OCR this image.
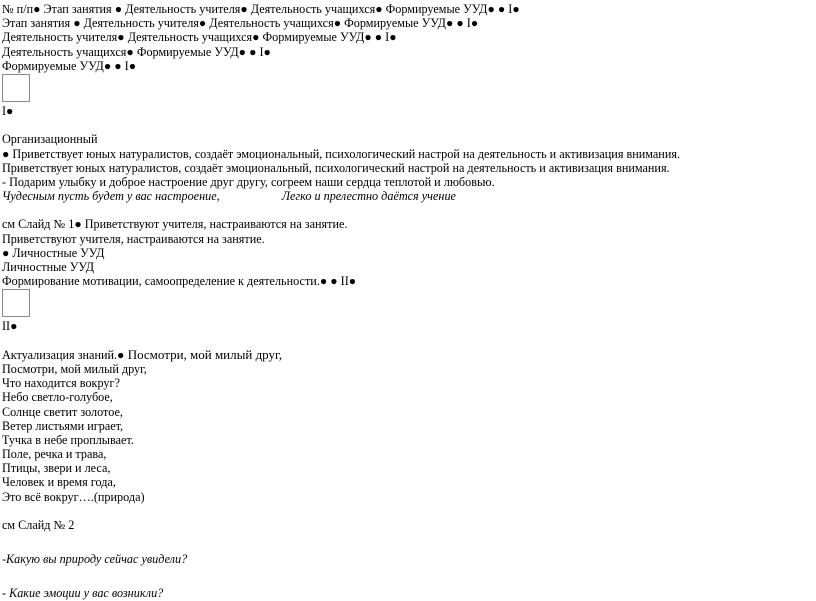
№ п/п● Этап занятия ● Деятельность учителя● Деятельность учащихся● Формируемые УУД● ● I●
Этап занятия ● Деятельность учителя● Деятельность учащихся● Формируемые УУД● ● I●
Деятельность учителя● Деятельность учащихся● Формируемые УУД● ● I●
Деятельность учащихся● Формируемые УУД● ● I●
Формируемые УУД● ● I●
I●
Организационный
● Приветствует юных натуралистов, создаёт эмоциональный, психологический настрой на деятельность и активизация внимания.
Приветствует юных натуралистов, создаёт эмоциональный, психологический настрой на деятельность и активизация внимания.
- Подарим улыбку и доброе настроение друг другу, согреем наши сердца теплотой и любовью.
Чудесным пусть будет у вас настроение,	Легко и прелестно даётся учение
см Слайд № 1● Приветствуют учителя, настраиваются на занятие.
Приветствуют учителя, настраиваются на занятие.
● Личностные УУД
Личностные УУД
Формирование мотивации, самоопределение к деятельности.● ● II●
II●
Актуализация знаний.● Посмотри, мой милый друг,
Посмотри, мой милый друг,
Что находится вокруг?
Небо светло-голубое,
Солнце светит золотое,
Ветер листьями играет,
Тучка в небе проплывает.
Поле, речка и трава,
Птицы, звери и леса,
Человек и время года,
Это всё вокруг….(природа)
см Слайд № 2
-Какую вы природу сейчас увидели?
- Какие эмоции у вас возникли?
